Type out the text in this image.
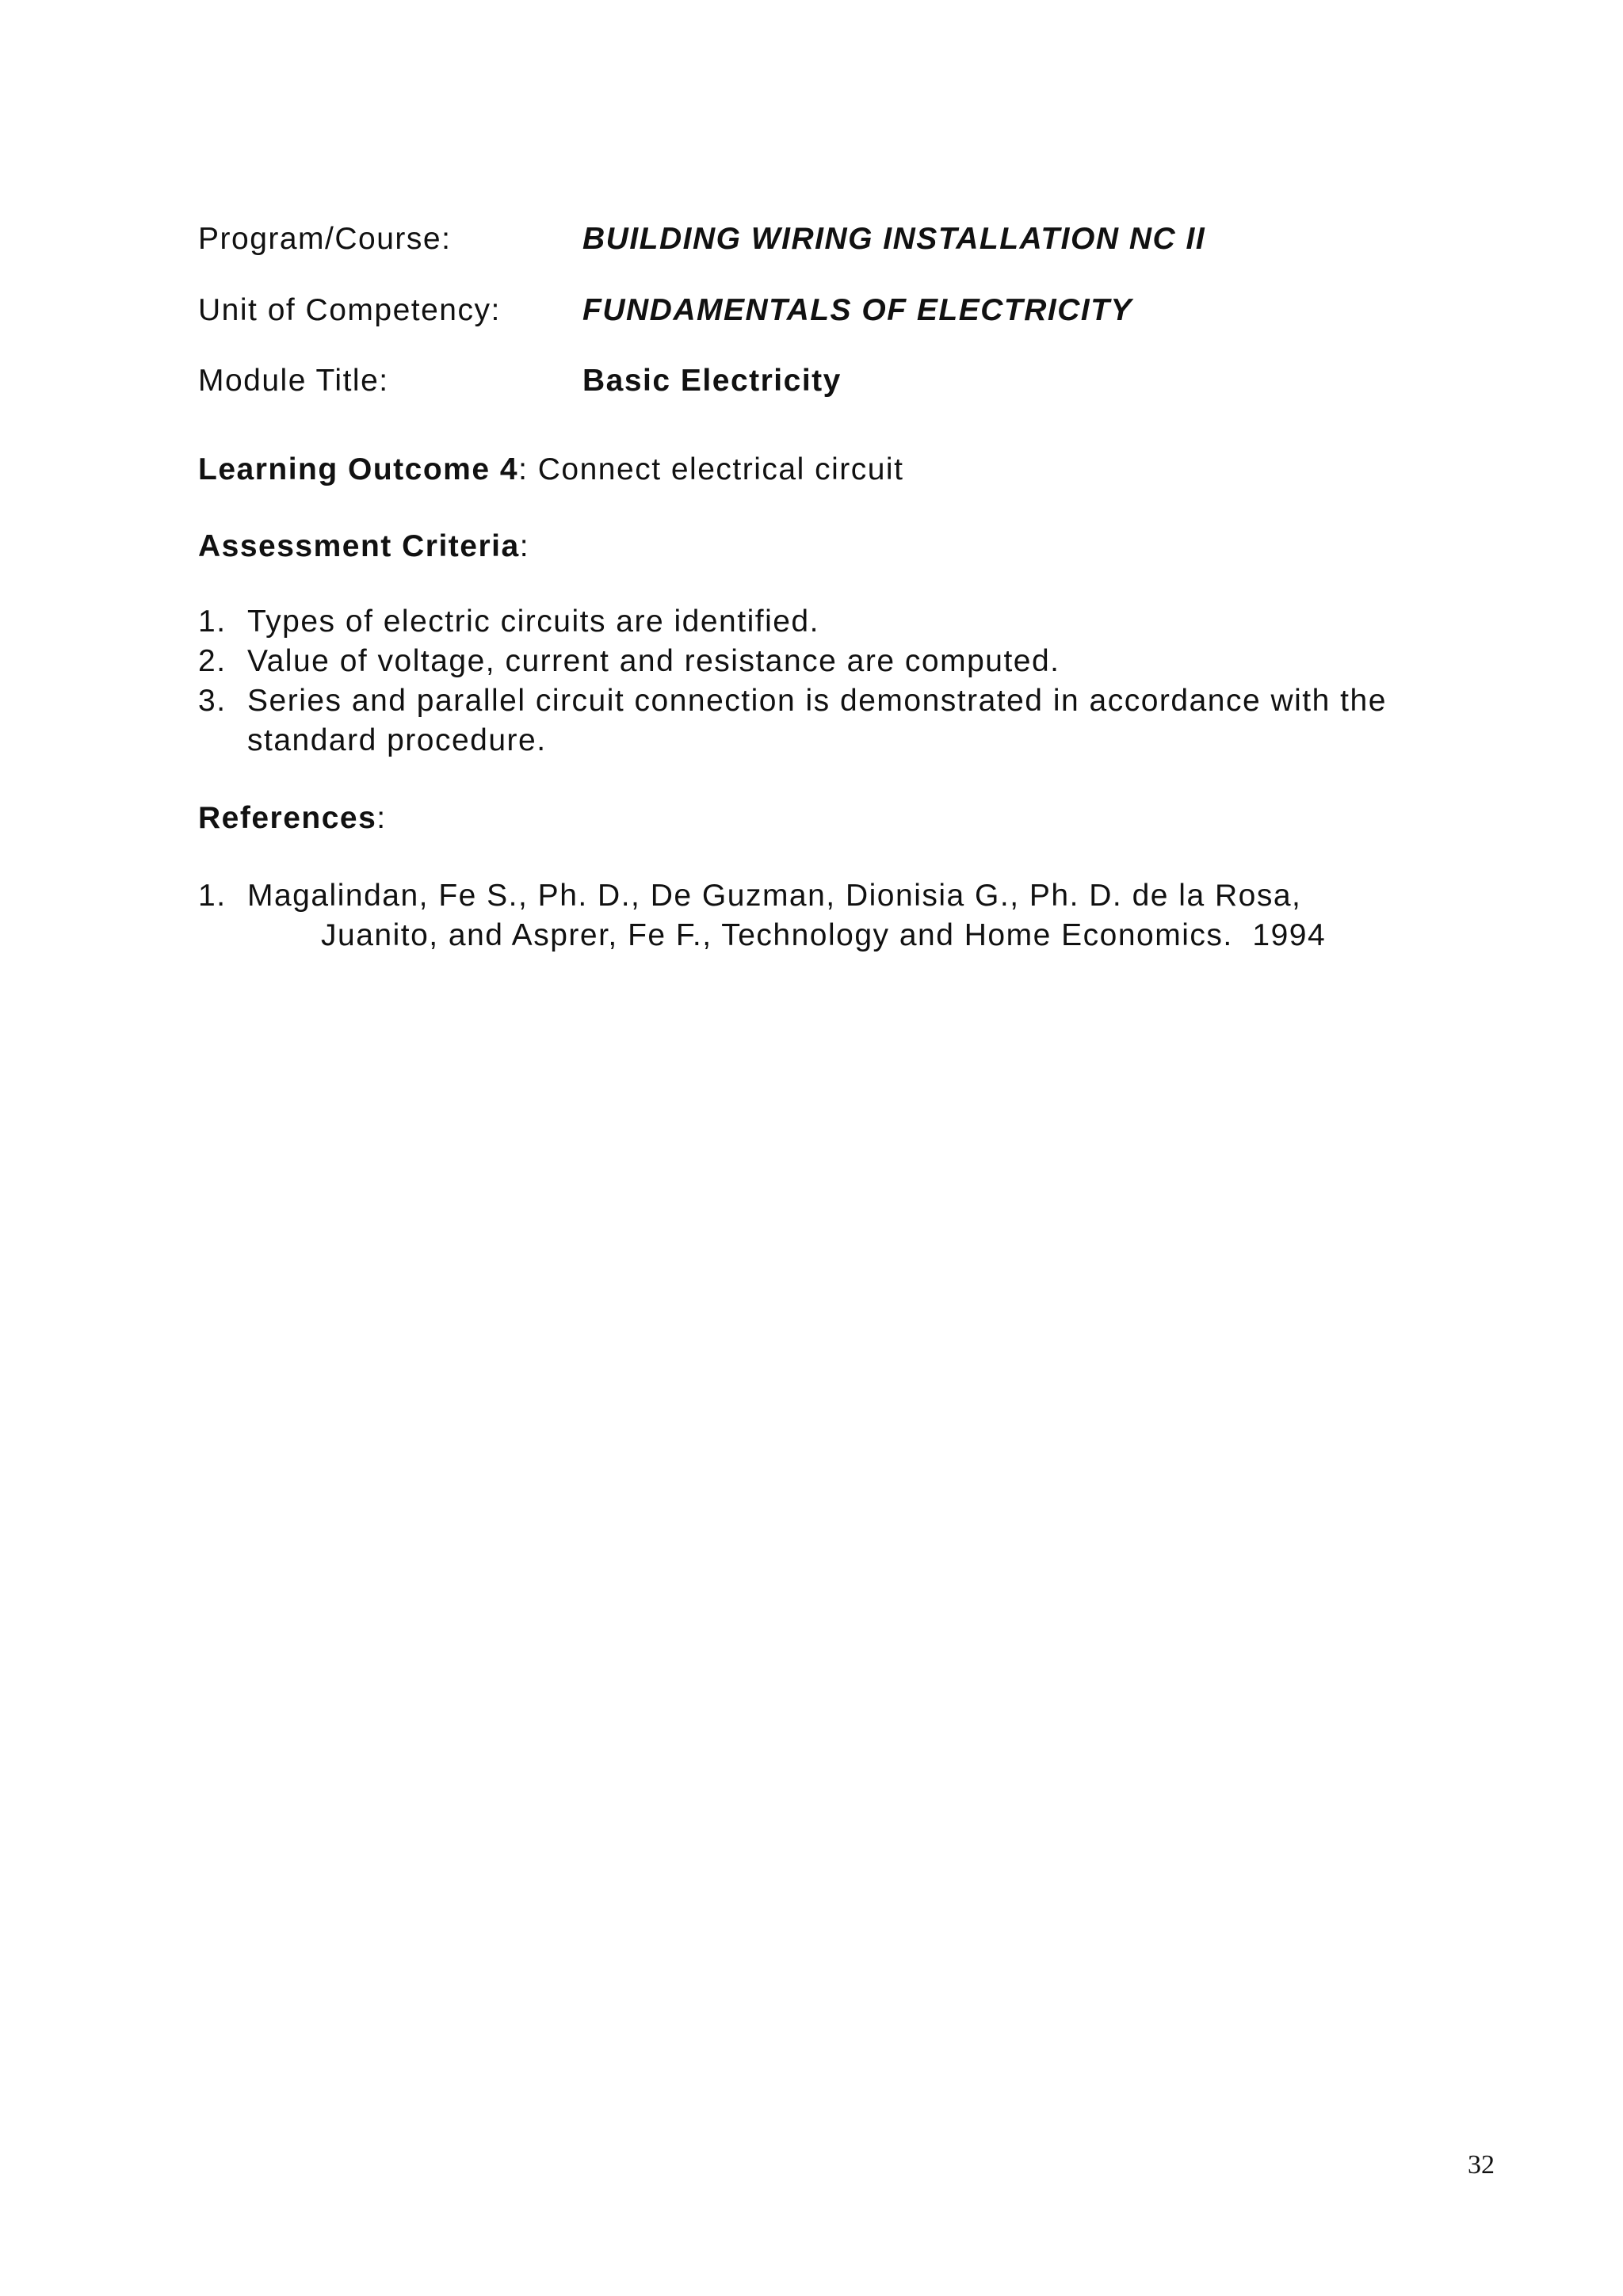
Program/Course:	BUILDING WIRING INSTALLATION NC II
Unit of Competency:	FUNDAMENTALS OF ELECTRICITY
Module Title:	Basic Electricity
Learning Outcome 4: Connect electrical circuit
Assessment Criteria:
1. Types of electric circuits are identified.
2. Value of voltage, current and resistance are computed.
3. Series and parallel circuit connection is demonstrated in accordance with the standard procedure.
References:
1. Magalindan, Fe S., Ph. D., De Guzman, Dionisia G., Ph. D. de la Rosa,
Juanito, and Asprer, Fe F., Technology and Home Economics.  1994
32
